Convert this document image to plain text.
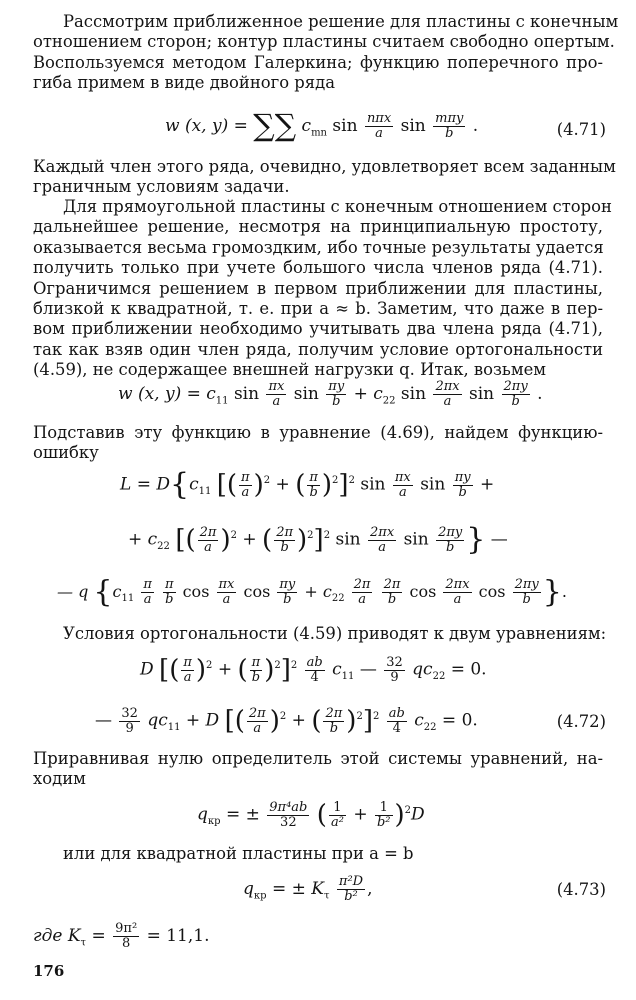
Рассмотрим приближенное решение для пластины с конечным
отношением сторон; контур пластины считаем свободно опертым.
Воспользуемся методом Галеркина; функцию поперечного про-
гиба примем в виде двойного ряда
w (x, y) = ∑∑ $c_{mn}$ $\sin \frac{\text{nπx}}{a}$ $\sin \frac{\text{mπy}}{b}$ .	(4.71)
Каждый член этого ряда, очевидно, удовлетворяет всем заданным
граничным условиям задачи.
Для прямоугольной пластины с конечным отношением сторон
дальнейшее решение, несмотря на принципиальную простоту,
оказывается весьма громоздким, ибо точные результаты удается
получить только при учете большого числа членов ряда (4.71).
Ограничимся решением в первом приближении для пластины,
близкой к квадратной, т. е. при a ≈ b. Заметим, что даже в пер-
вом приближении необходимо учитывать два члена ряда (4.71),
так как взяв один член ряда, получим условие ортогональности
(4.59), не содержащее внешней нагрузки q. Итак, возьмем
w (x, $y) = c_{11}$ $\sin \frac{\pi x}{a}$ $\sin \frac{\pi y}{b} + c_{22}$ $\sin \frac{2\pi x}{a}$ $\sin \frac{2\pi y}{b}$ .
Подставив эту функцию в уравнение (4.69), найдем функцию-
ошибку
$L = D\{c_{11}$ [( $\frac{\pi}{a} )^2$ + ( $\frac{\pi}{b} )^2]^2$ $\sin \frac{\pi x}{a}$ $\sin \frac{\pi y}{b}$ +
+ $c_{22}$ [( $\frac{2\pi}{a} )^2$ + ( $\frac{2\pi}{b} )^2]^2$ $\sin \frac{2\pi x}{a}$ $\sin \frac{2\pi y}{b}$ } —
— q {$c_{11} \frac{\pi}{a}$
$\frac{\pi}{b}$ $\cos \frac{\pi x}{a}$ $\cos \frac{\pi y}{b} + c_{22} \frac{2\pi}{a}$
$\frac{2\pi}{b}$ $\cos \frac{2\pi x}{a}$ $\cos \frac{2\pi y}{b}$ }.
Условия ортогональности (4.59) приводят к двум уравнениям:
D [( $\frac{\pi}{a} )^2$ + ( $\frac{\pi}{b} )^2]^2 \frac{ab}{4} c_{11}$ — $\frac{32}{9} qc_{22} = 0$.
— $\frac{32}{9} qc_{11} + D$ [( $\frac{2\pi}{a} )^2$ + ( $\frac{2\pi}{b} )^2]^2 \frac{ab}{4} c_{22} = 0$.	(4.72)
Приравнивая нулю определитель этой системы уравнений, на-
ходим
$q_{кр}$ = ± $\frac{\text{9π⁴ab}}{32}$ ( $\frac{1}{\text{a²}} + \frac{1}{\text{b²}} )^2D$
или для квадратной пластины при a = b
$q_{кр}$ = ± $K_\tau \frac{\text{π²D}}{\text{b²}}$ ,	(4.73)
где $K_\tau = \frac{\text{9π²}}{8} = 11,1$.
176
